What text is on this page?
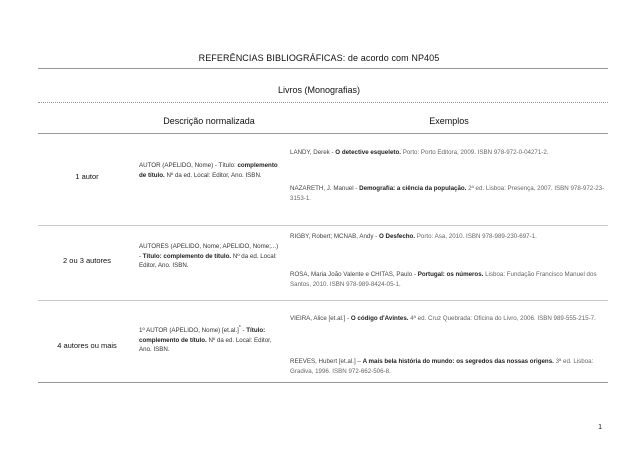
REFERÊNCIAS BIBLIOGRÁFICAS: de acordo com NP405
Livros (Monografias)
Descrição normalizada	Exemplos
1 autor
AUTOR (APELIDO, Nome) - Título: complemento de título. Nº da ed. Local: Editor, Ano. ISBN.
LANDY, Derek - O detective esqueleto. Porto: Porto Editora, 2009. ISBN 978-972-0-04271-2.
NAZARETH, J. Manuel - Demografia: a ciência da população. 2ª ed. Lisboa: Presença, 2007. ISBN 978-972-23-3153-1.
2 ou 3 autores
AUTORES (APELIDO, Nome; APELIDO, Nome;...) - Título: complemento de título. Nº da ed. Local: Editor, Ano. ISBN.
RIGBY, Robert; MCNAB, Andy - O Desfecho. Porto: Asa, 2010. ISBN 978-989-230-697-1.
ROSA, Maria João Valente e CHITAS, Paulo - Portugal: os números. Lisboa: Fundação Francisco Manuel dos Santos, 2010. ISBN 978-989-8424-05-1.
4 autores ou mais
1º AUTOR (APELIDO, Nome) [et.al.]* - Título: complemento de título. Nº da ed. Local: Editor, Ano. ISBN.
VIEIRA, Alice [et.al.] - O código d'Avintes. 4ª ed. Cruz Quebrada: Oficina do Livro, 2006. ISBN 989-555-215-7.
REEVES, Hubert [et.al.] – A mais bela história do mundo: os segredos das nossas origens. 3ª ed. Lisboa: Gradiva, 1996. ISBN 972-662-506-8.
1
